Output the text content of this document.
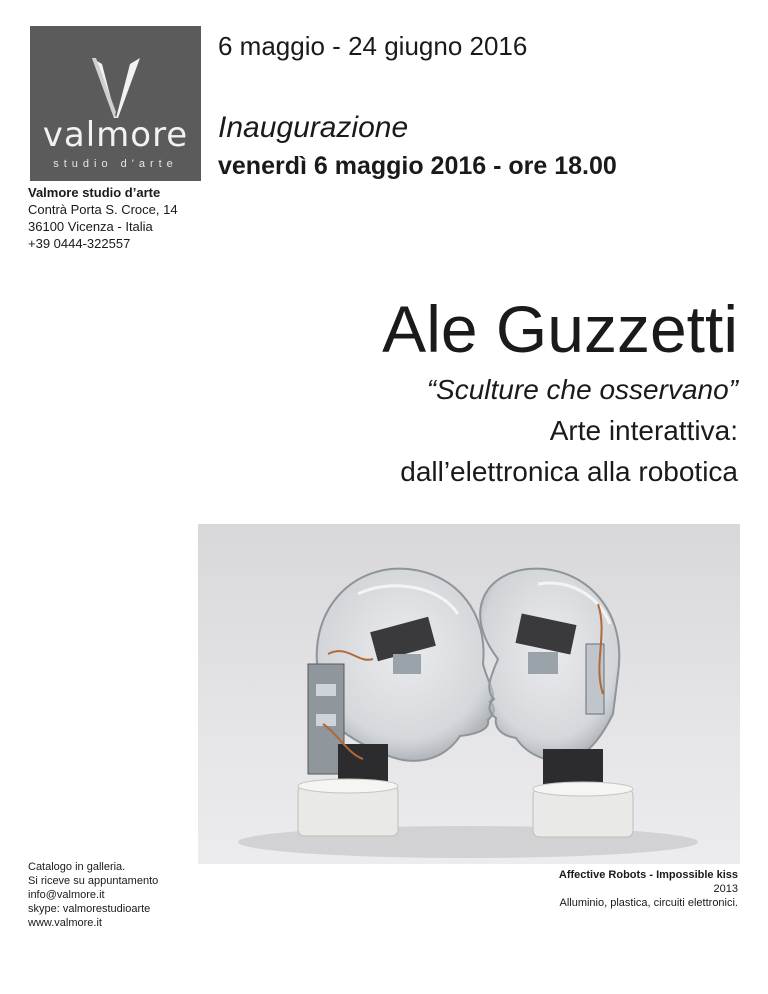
valmore
studio d'arte
6 maggio - 24 giugno 2016
Inaugurazione
venerdì 6 maggio 2016 - ore 18.00
Valmore studio d’arte
Contrà Porta S. Croce, 14
36100 Vicenza - Italia
+39 0444-322557
Ale Guzzetti
“Sculture che osservano”
Arte interattiva:
dall’elettronica alla robotica
Catalogo in galleria.
Si riceve su appuntamento
info@valmore.it
skype: valmorestudioarte
www.valmore.it
Affective Robots - Impossible kiss
2013
Alluminio, plastica, circuiti elettronici.
